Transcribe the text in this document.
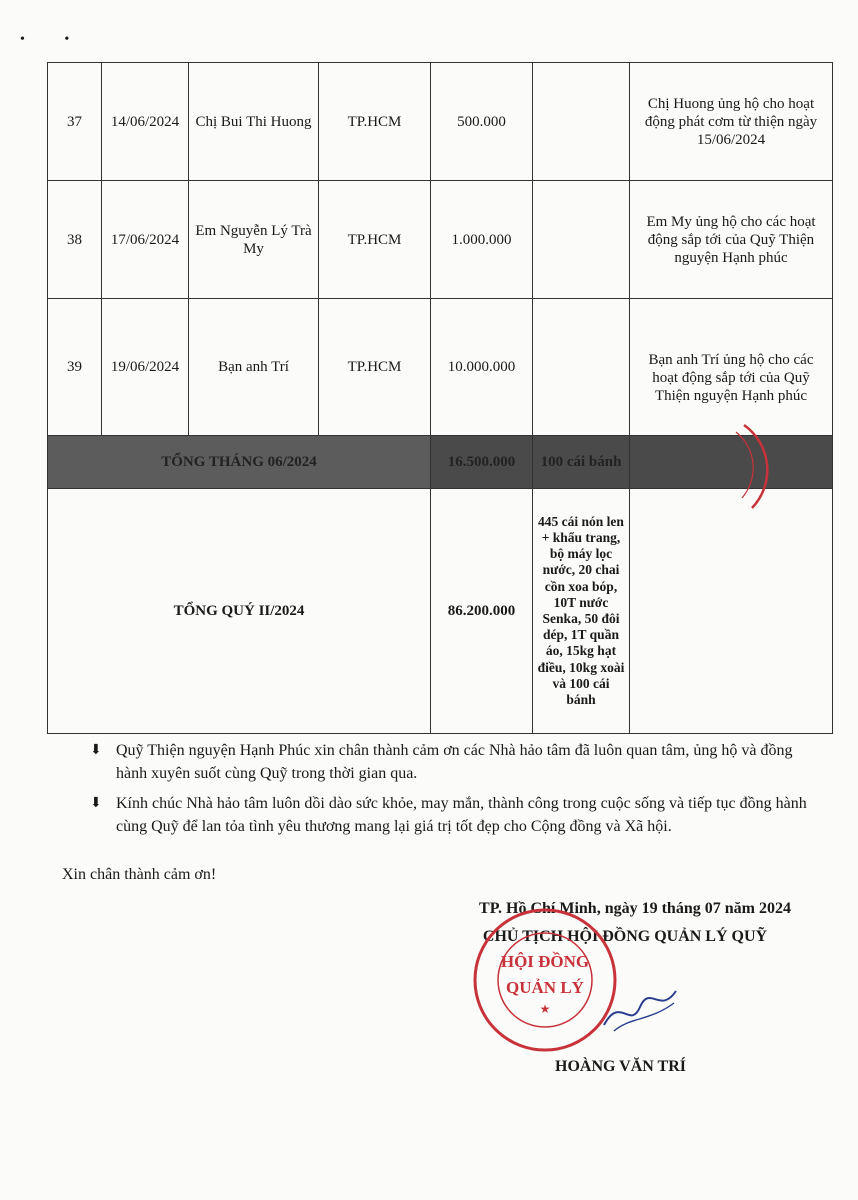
• •
37	14/06/2024	Chị Bui Thi Huong	TP.HCM	500.000		Chị Huong ủng hộ cho hoạt động phát cơm từ thiện ngày 15/06/2024
38	17/06/2024	Em Nguyễn Lý Trà My	TP.HCM	1.000.000		Em My ủng hộ cho các hoạt động sắp tới của Quỹ Thiện nguyện Hạnh phúc
39	19/06/2024	Bạn anh Trí	TP.HCM	10.000.000		Bạn anh Trí ủng hộ cho các hoạt động sắp tới của Quỹ Thiện nguyện Hạnh phúc
TỔNG THÁNG 06/2024				16.500.000	100 cái bánh	
TỔNG QUÝ II/2024				86.200.000	445 cái nón len + khẩu trang, bộ máy lọc nước, 20 chai cồn xoa bóp, 10T nước Senka, 50 đôi dép, 1T quần áo, 15kg hạt điều, 10kg xoài và 100 cái bánh	
⬇ Quỹ Thiện nguyện Hạnh Phúc xin chân thành cảm ơn các Nhà hảo tâm đã luôn quan tâm, ủng hộ và đồng hành xuyên suốt cùng Quỹ trong thời gian qua.
⬇ Kính chúc Nhà hảo tâm luôn dồi dào sức khỏe, may mắn, thành công trong cuộc sống và tiếp tục đồng hành cùng Quỹ để lan tỏa tình yêu thương mang lại giá trị tốt đẹp cho Cộng đồng và Xã hội.
Xin chân thành cảm ơn!
TP. Hồ Chí Minh, ngày 19 tháng 07 năm 2024
CHỦ TỊCH HỘI ĐỒNG QUẢN LÝ QUỸ
HỘI ĐỒNG
QUẢN LÝ
★
HOÀNG VĂN TRÍ
